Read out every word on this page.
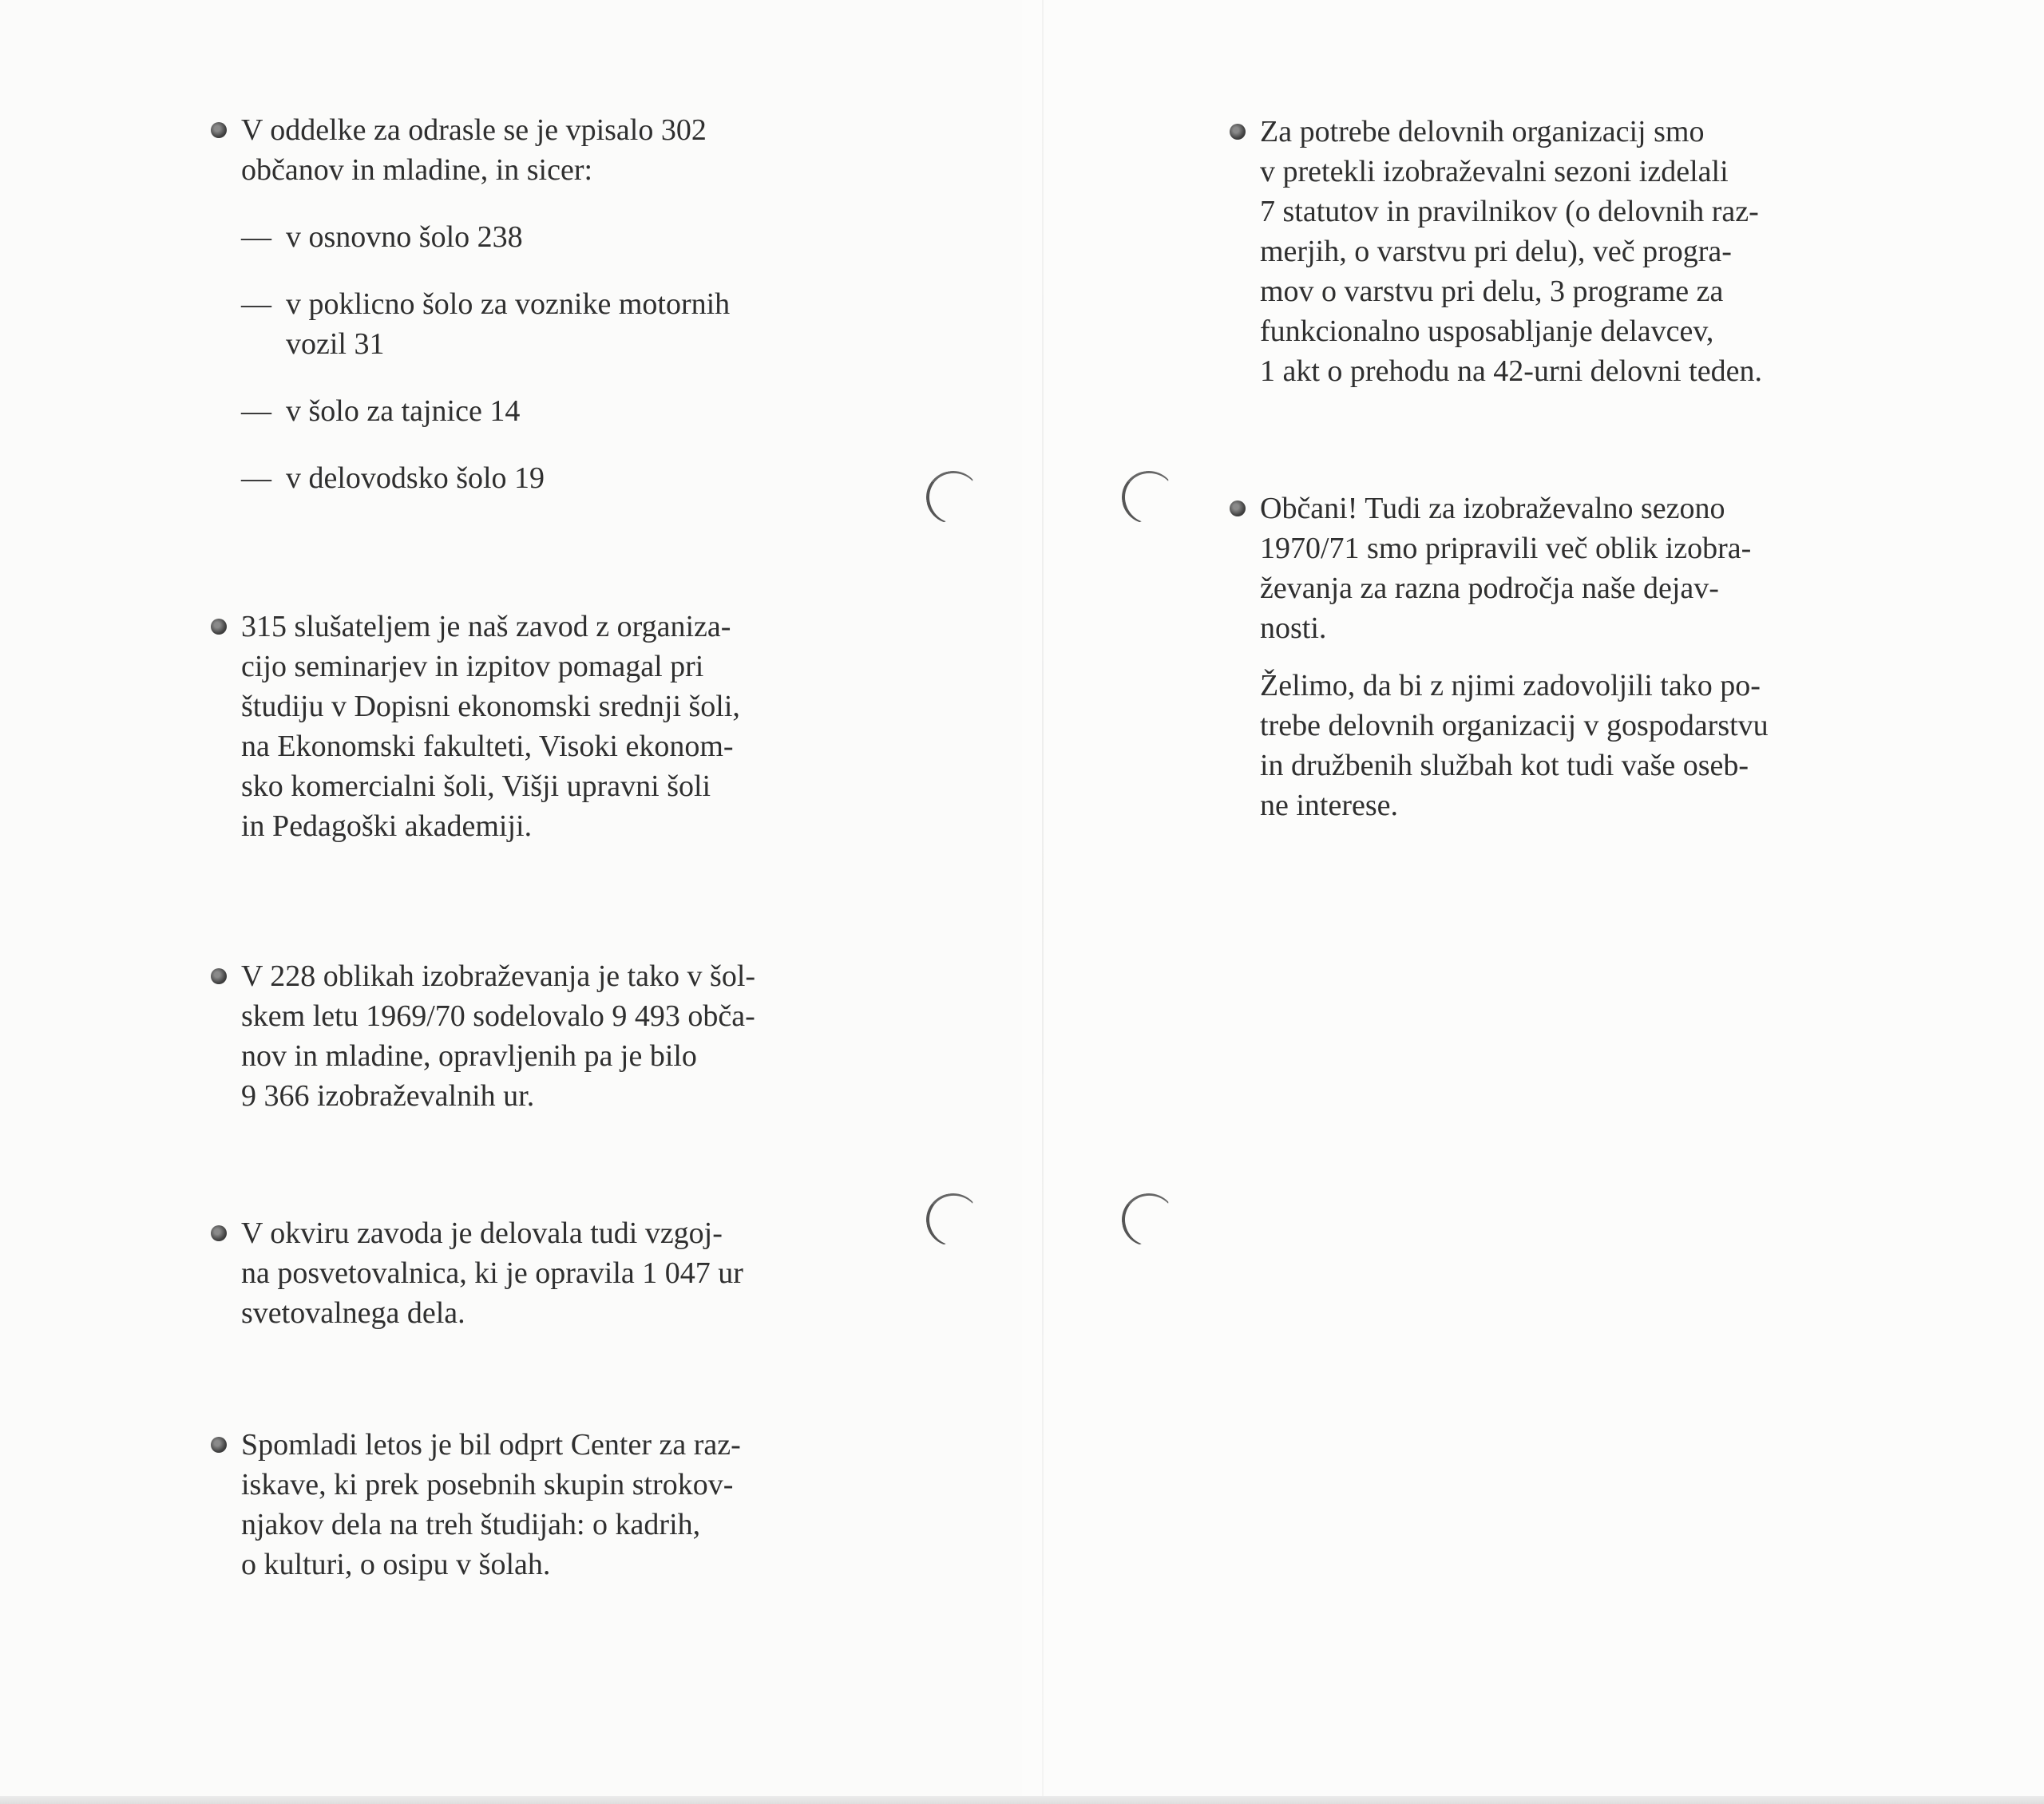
V oddelke za odrasle se je vpisalo 302
občanov in mladine, in sicer:
— v osnovno šolo 238
— v poklicno šolo za voznike motornih
vozil 31
— v šolo za tajnice 14
— v delovodsko šolo 19
315 slušateljem je naš zavod z organiza-
cijo seminarjev in izpitov pomagal pri
študiju v Dopisni ekonomski srednji šoli,
na Ekonomski fakulteti, Visoki ekonom-
sko komercialni šoli, Višji upravni šoli
in Pedagoški akademiji.
V 228 oblikah izobraževanja je tako v šol-
skem letu 1969/70 sodelovalo 9 493 obča-
nov in mladine, opravljenih pa je bilo
9 366 izobraževalnih ur.
V okviru zavoda je delovala tudi vzgoj-
na posvetovalnica, ki je opravila 1 047 ur
svetovalnega dela.
Spomladi letos je bil odprt Center za raz-
iskave, ki prek posebnih skupin strokov-
njakov dela na treh študijah: o kadrih,
o kulturi, o osipu v šolah.
Za potrebe delovnih organizacij smo
v pretekli izobraževalni sezoni izdelali
7 statutov in pravilnikov (o delovnih raz-
merjih, o varstvu pri delu), več progra-
mov o varstvu pri delu, 3 programe za
funkcionalno usposabljanje delavcev,
1 akt o prehodu na 42-urni delovni teden.
Občani! Tudi za izobraževalno sezono
1970/71 smo pripravili več oblik izobra-
ževanja za razna področja naše dejav-
nosti.
Želimo, da bi z njimi zadovoljili tako po-
trebe delovnih organizacij v gospodarstvu
in družbenih službah kot tudi vaše oseb-
ne interese.
